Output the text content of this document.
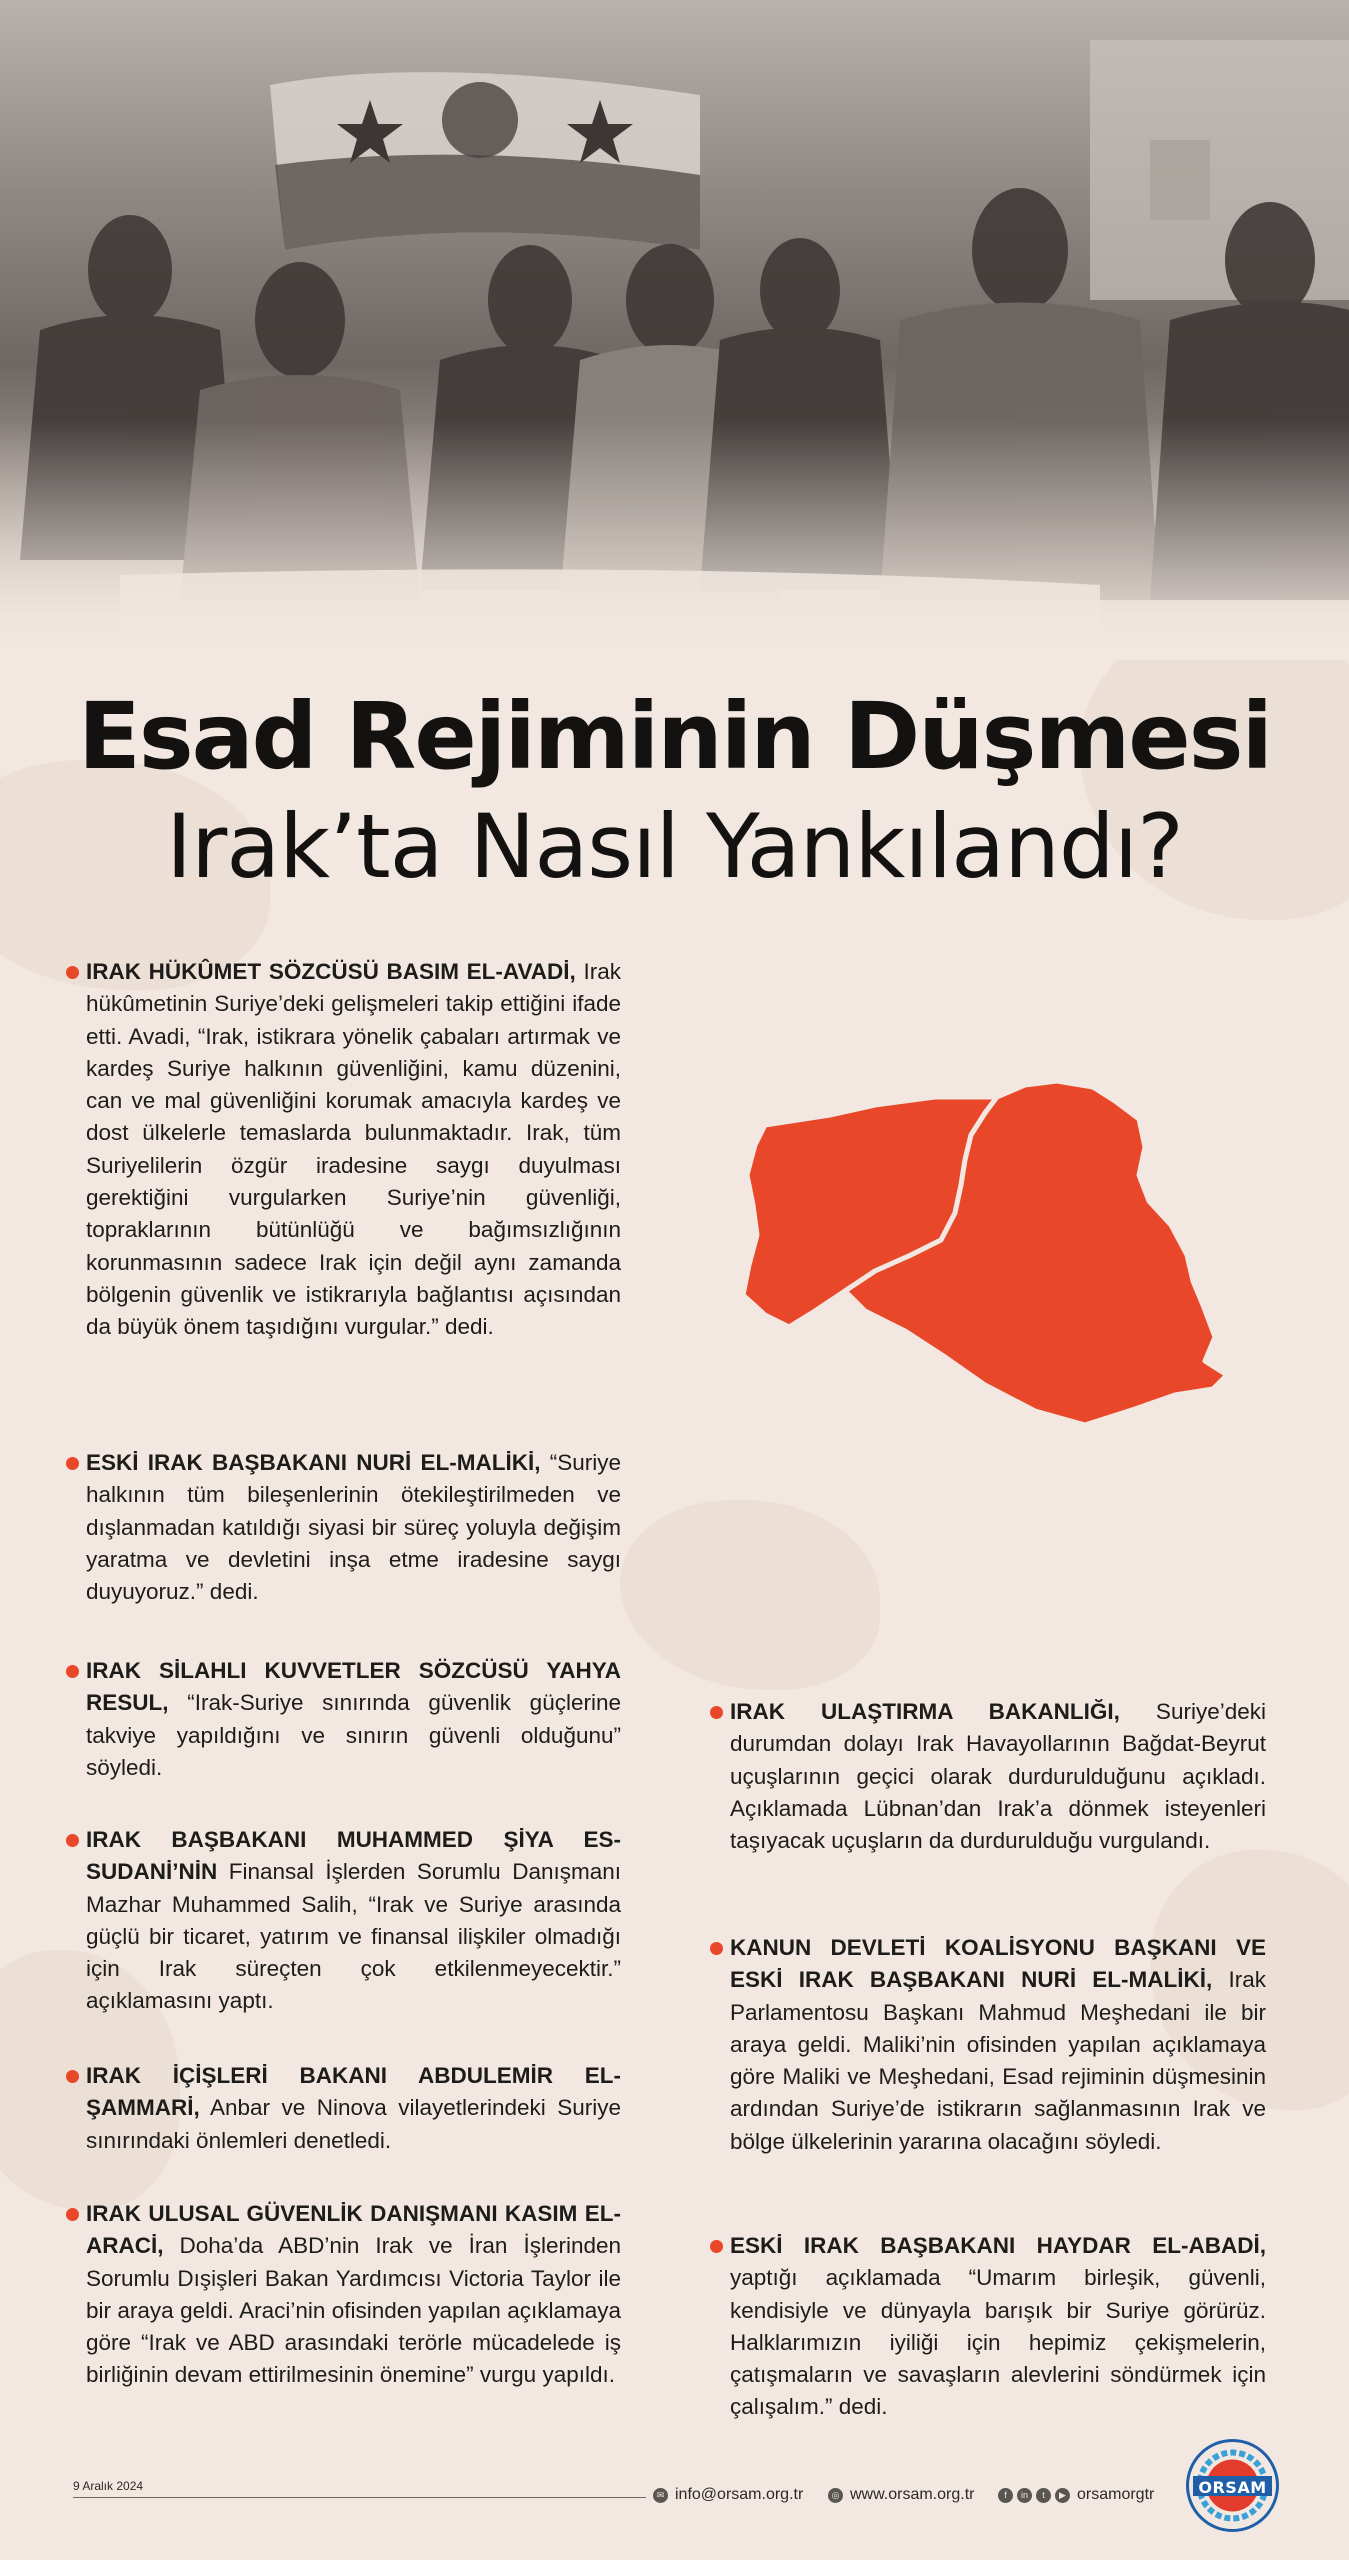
Esad Rejiminin Düşmesi
Irak’ta Nasıl Yankılandı?
IRAK HÜKÛMET SÖZCÜSÜ BASIM EL-AVADİ, Irak hükûmetinin Suriye’deki gelişmeleri takip ettiğini ifade etti. Avadi, “Irak, istikrara yönelik çabaları artırmak ve kardeş Suriye halkının güvenliğini, kamu düzenini, can ve mal güvenliğini korumak amacıyla kardeş ve dost ülkelerle temaslarda bulunmaktadır. Irak, tüm Suriyelilerin özgür iradesine saygı duyulması gerektiğini vurgularken Suriye’nin güvenliği, topraklarının bütünlüğü ve bağımsızlığının korunmasının sadece Irak için değil aynı zamanda bölgenin güvenlik ve istikrarıyla bağlantısı açısından da büyük önem taşıdığını vurgular.” dedi.
ESKİ IRAK BAŞBAKANI NURİ EL-MALİKİ, “Suriye halkının tüm bileşenlerinin ötekileştirilmeden ve dışlanmadan katıldığı siyasi bir süreç yoluyla değişim yaratma ve devletini inşa etme iradesine saygı duyuyoruz.” dedi.
IRAK SİLAHLI KUVVETLER SÖZCÜSÜ YAHYA RESUL, “Irak-Suriye sınırında güvenlik güçlerine takviye yapıldığını ve sınırın güvenli olduğunu” söyledi.
IRAK BAŞBAKANI MUHAMMED ŞİYA ES-SUDANİ’NİN Finansal İşlerden Sorumlu Danışmanı Mazhar Muhammed Salih, “Irak ve Suriye arasında güçlü bir ticaret, yatırım ve finansal ilişkiler olmadığı için Irak süreçten çok etkilenmeyecektir.” açıklamasını yaptı.
IRAK İÇİŞLERİ BAKANI ABDULEMİR EL-ŞAMMARİ, Anbar ve Ninova vilayetlerindeki Suriye sınırındaki önlemleri denetledi.
IRAK ULUSAL GÜVENLİK DANIŞMANI KASIM EL-ARACİ, Doha’da ABD’nin Irak ve İran İşlerinden Sorumlu Dışişleri Bakan Yardımcısı Victoria Taylor ile bir araya geldi. Araci’nin ofisinden yapılan açıklamaya göre “Irak ve ABD arasındaki terörle mücadelede iş birliğinin devam ettirilmesinin önemine” vurgu yapıldı.
IRAK ULAŞTIRMA BAKANLIĞI, Suriye’deki durumdan dolayı Irak Havayollarının Bağdat-Beyrut uçuşlarının geçici olarak durdurulduğunu açıkladı. Açıklamada Lübnan’dan Irak’a dönmek isteyenleri taşıyacak uçuşların da durdurulduğu vurgulandı.
KANUN DEVLETİ KOALİSYONU BAŞKANI VE ESKİ IRAK BAŞBAKANI NURİ EL-MALİKİ, Irak Parlamentosu Başkanı Mahmud Meşhedani ile bir araya geldi. Maliki’nin ofisinden yapılan açıklamaya göre Maliki ve Meşhedani, Esad rejiminin düşmesinin ardından Suriye’de istikrarın sağlanmasının Irak ve bölge ülkelerinin yararına olacağını söyledi.
ESKİ IRAK BAŞBAKANI HAYDAR EL-ABADİ, yaptığı açıklamada “Umarım birleşik, güvenli, kendisiyle ve dünyayla barışık bir Suriye görürüz. Halklarımızın iyiliği için hepimiz çekişmelerin, çatışmaların ve savaşların alevlerini söndürmek için çalışalım.” dedi.
9 Aralık 2024
✉ info@orsam.org.tr	◎ www.orsam.org.tr	f	in	t	▶ orsamorgtr	ORSAM
